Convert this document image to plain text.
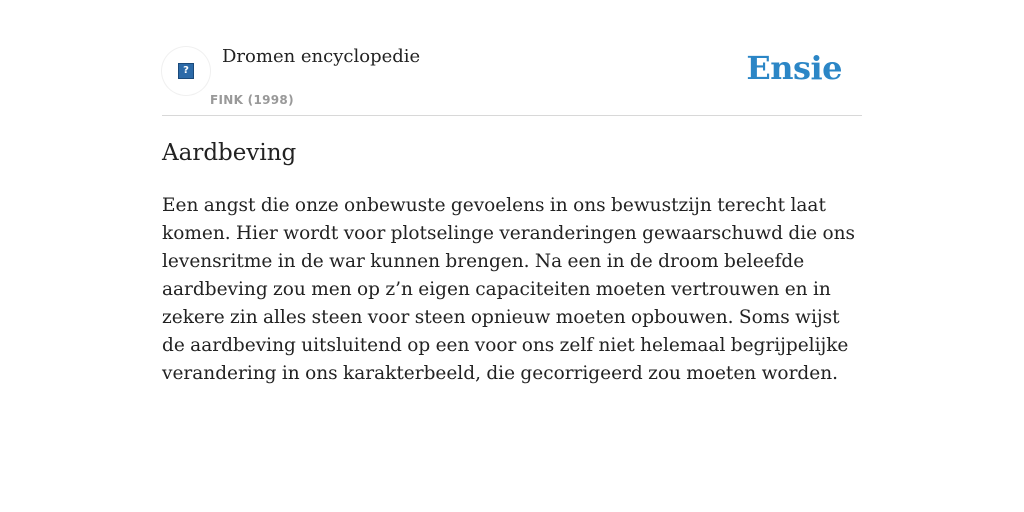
?
Dromen encyclopedie
FINK (1998)
Ensie
Aardbeving

Een angst die onze onbewuste gevoelens in ons bewustzijn terecht laat komen. Hier wordt voor plotselinge veranderingen gewaarschuwd die ons levensritme in de war kunnen brengen. Na een in de droom beleefde aardbeving zou men op z’n eigen capaciteiten moeten vertrouwen en in zekere zin alles steen voor steen opnieuw moeten opbouwen. Soms wijst de aardbeving uitsluitend op een voor ons zelf niet helemaal begrijpelijke verandering in ons karakterbeeld, die gecorrigeerd zou moeten worden.
